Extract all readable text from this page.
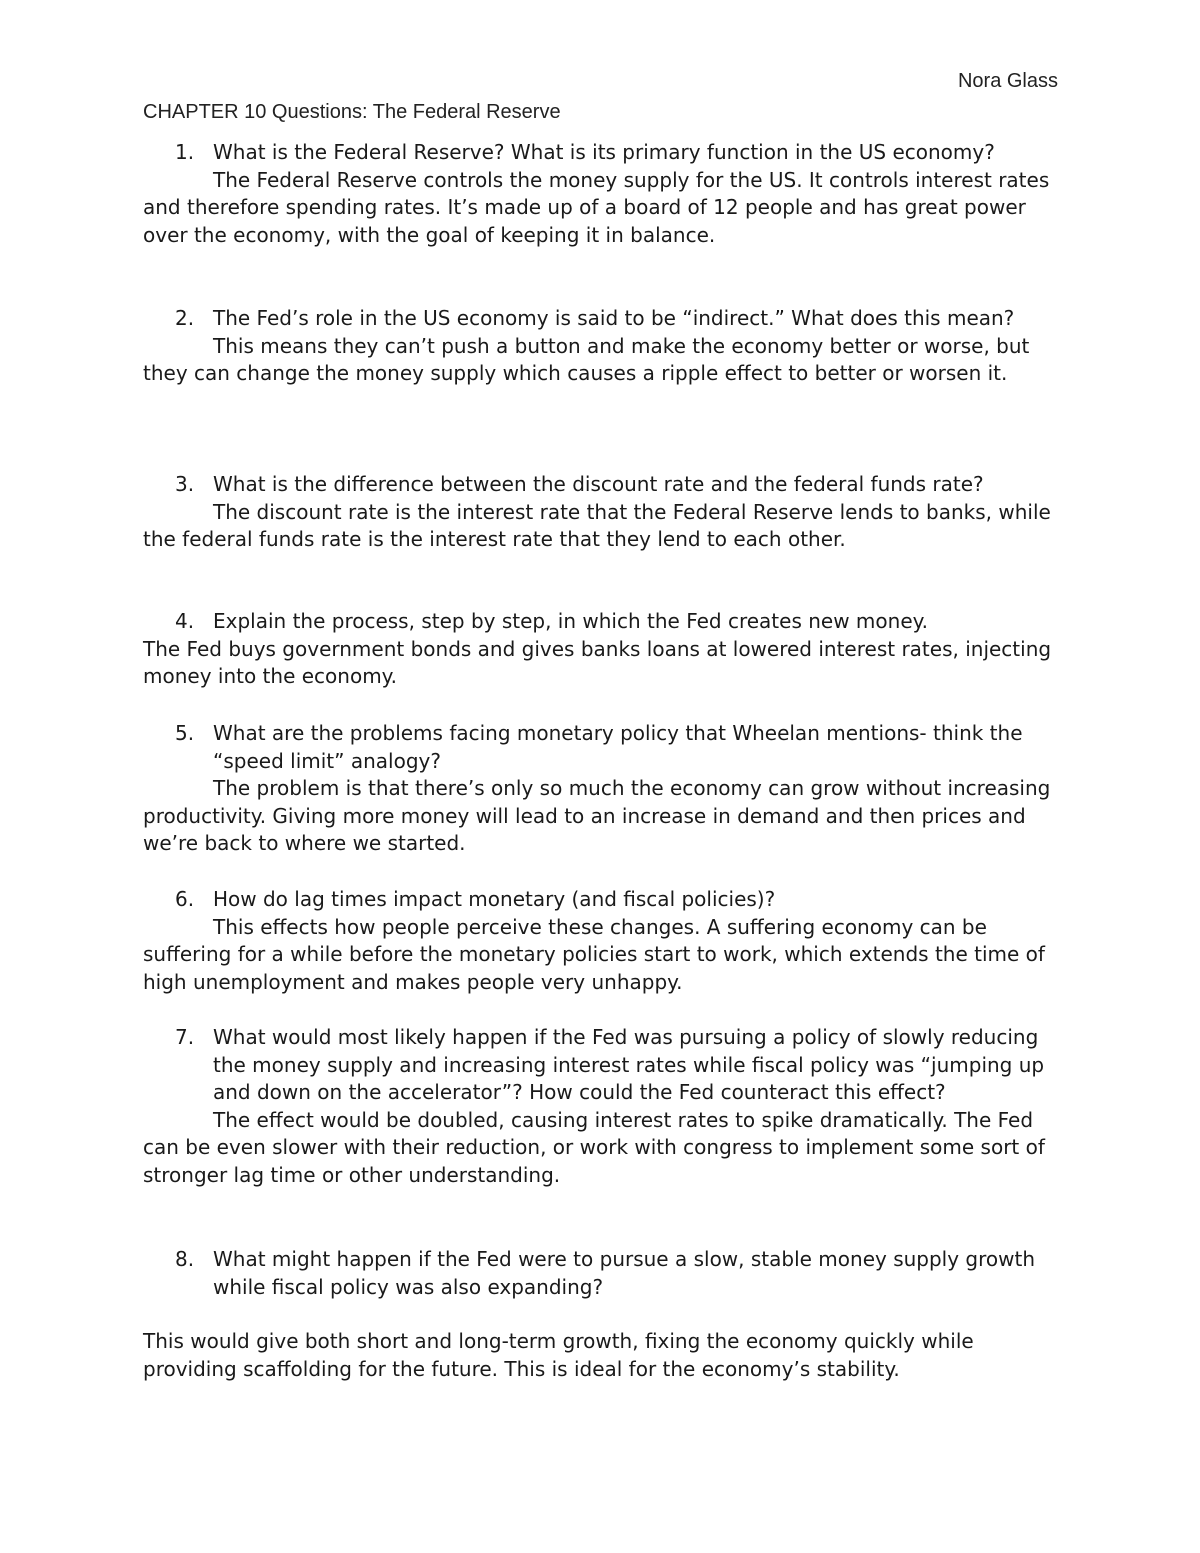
Nora Glass
CHAPTER 10 Questions: The Federal Reserve
1. What is the Federal Reserve? What is its primary function in the US economy?
The Federal Reserve controls the money supply for the US. It controls interest rates and therefore spending rates. It’s made up of a board of 12 people and has great power over the economy, with the goal of keeping it in balance.
2. The Fed’s role in the US economy is said to be “indirect.” What does this mean?
This means they can’t push a button and make the economy better or worse, but they can change the money supply which causes a ripple effect to better or worsen it.
3. What is the difference between the discount rate and the federal funds rate?
The discount rate is the interest rate that the Federal Reserve lends to banks, while the federal funds rate is the interest rate that they lend to each other.
4. Explain the process, step by step, in which the Fed creates new money.
The Fed buys government bonds and gives banks loans at lowered interest rates, injecting money into the economy.
5. What are the problems facing monetary policy that Wheelan mentions- think the “speed limit” analogy?
The problem is that there’s only so much the economy can grow without increasing productivity. Giving more money will lead to an increase in demand and then prices and we’re back to where we started.
6. How do lag times impact monetary (and fiscal policies)?
This effects how people perceive these changes. A suffering economy can be suffering for a while before the monetary policies start to work, which extends the time of high unemployment and makes people very unhappy.
7. What would most likely happen if the Fed was pursuing a policy of slowly reducing the money supply and increasing interest rates while fiscal policy was “jumping up and down on the accelerator”? How could the Fed counteract this effect?
The effect would be doubled, causing interest rates to spike dramatically. The Fed can be even slower with their reduction, or work with congress to implement some sort of stronger lag time or other understanding.
8. What might happen if the Fed were to pursue a slow, stable money supply growth while fiscal policy was also expanding?
This would give both short and long-term growth, fixing the economy quickly while providing scaffolding for the future. This is ideal for the economy’s stability.
